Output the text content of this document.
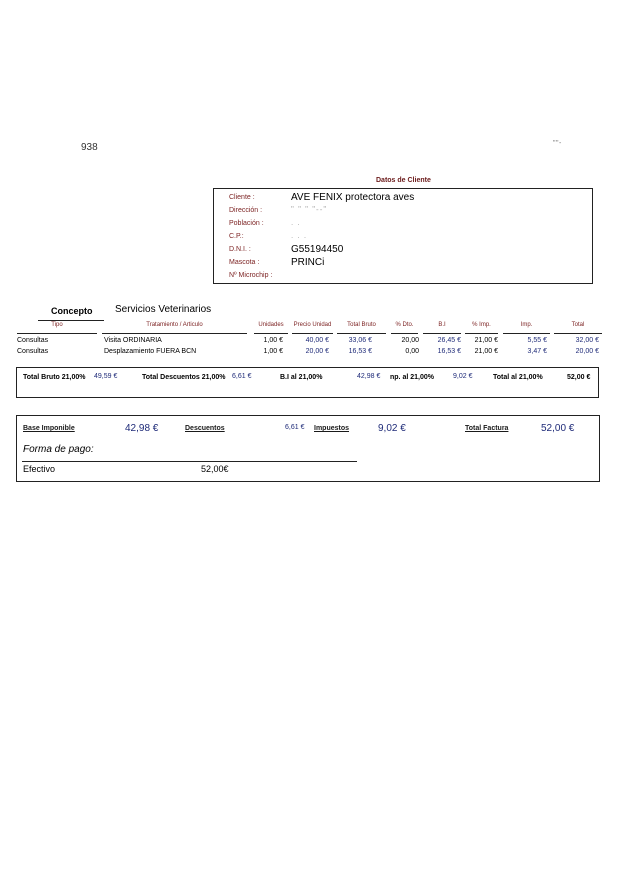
938	""-
Datos de Cliente
Cliente :	AVE FENIX protectora aves
Dirección :	" " " "--"
Población :	. .
C.P.:	. . .
D.N.I. :	G55194450
Mascota :	PRINCi
Nº Microchip :
Concepto Servicios Veterinarios
Tipo	Tratamiento / Articulo	Unidades	Precio Unidad	Total Bruto	% Dto.	B.I	% Imp.	Imp.	Total
Consultas	Visita ORDINARIA	1,00 €	40,00 €	33,06 €	20,00	26,45 €	21,00 €	5,55 €	32,00 €
Consultas	Desplazamiento FUERA BCN	1,00 €	20,00 €	16,53 €	0,00	16,53 €	21,00 €	3,47 €	20,00 €
Total Bruto 21,00% 49,59 €	Total Descuentos 21,00% 6,61 €	B.I al 21,00%	42,98 € np. al 21,00%	9,02 €	Total al 21,00%	52,00 €
Base Imponible	42,98 €	Descuentos	6,61 € Impuestos	9,02 €	Total Factura	52,00 €
Forma de pago:
Efectivo	52,00€
